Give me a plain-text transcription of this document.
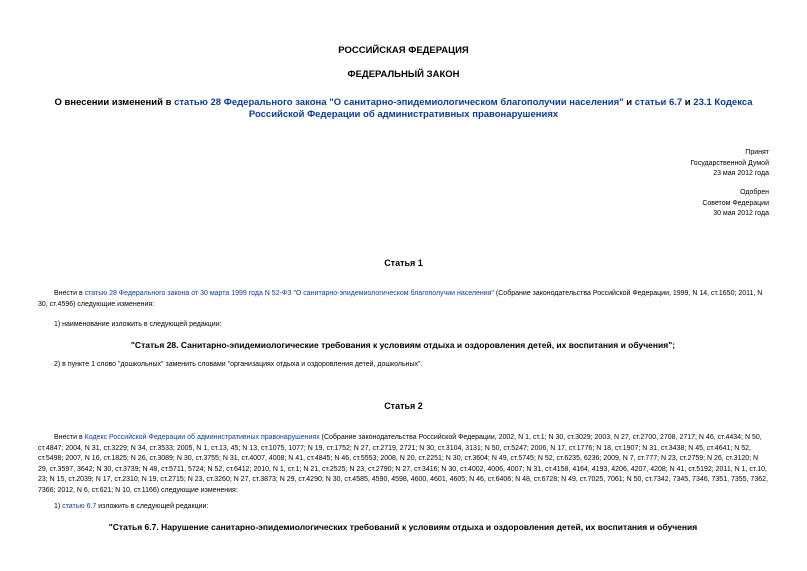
РОССИЙСКАЯ ФЕДЕРАЦИЯ
ФЕДЕРАЛЬНЫЙ ЗАКОН
О внесении изменений в статью 28 Федерального закона "О санитарно-эпидемиологическом благополучии населения" и статьи 6.7 и 23.1 Кодекса Российской Федерации об административных правонарушениях
Принят
Государственной Думой
23 мая 2012 года
Одобрен
Советом Федерации
30 мая 2012 года
Статья 1
Внести в статью 28 Федерального закона от 30 марта 1999 года N 52-ФЗ "О санитарно-эпидемиологическом благополучии населения" (Собрание законодательства Российской Федерации, 1999, N 14, ст.1650; 2011, N 30, ст.4596) следующие изменения:
1) наименование изложить в следующей редакции:
"Статья 28. Санитарно-эпидемиологические требования к условиям отдыха и оздоровления детей, их воспитания и обучения";
2) в пункте 1 слово "дошкольных" заменить словами "организациях отдыха и оздоровления детей, дошкольных".
Статья 2
Внести в Кодекс Российской Федерации об административных правонарушениях (Собрание законодательства Российской Федерации, 2002, N 1, ст.1; N 30, ст.3029; 2003, N 27, ст.2700, 2708, 2717; N 46, ст.4434; N 50, ст.4847; 2004, N 31, ст.3229; N 34, ст.3533; 2005, N 1, ст.13, 45; N 13, ст.1075, 1077; N 19, ст.1752; N 27, ст.2719, 2721; N 30, ст.3104, 3131; N 50, ст.5247; 2006, N 17, ст.1776; N 18, ст.1907; N 31, ст.3438; N 45, ст.4641; N 52, ст.5498; 2007, N 16, ст.1825; N 26, ст.3089; N 30, ст.3755; N 31, ст.4007, 4008; N 41, ст.4845; N 46, ст.5553; 2008, N 20, ст.2251; N 30, ст.3604; N 49, ст.5745; N 52, ст.6235, 6236; 2009, N 7, ст.777; N 23, ст.2759; N 26, ст.3120; N 29, ст.3597, 3642; N 30, ст.3739; N 48, ст.5711, 5724; N 52, ст.6412; 2010, N 1, ст.1; N 21, ст.2525; N 23, ст.2790; N 27, ст.3416; N 30, ст.4002, 4006, 4007; N 31, ст.4158, 4164, 4193, 4206, 4207, 4208; N 41, ст.5192; 2011, N 1, ст.10, 23; N 15, ст.2039; N 17, ст.2310; N 19, ст.2715; N 23, ст.3260; N 27, ст.3873; N 29, ст.4290; N 30, ст.4585, 4590, 4598, 4600, 4601, 4605; N 46, ст.6406; N 48, ст.6728; N 49, ст.7025, 7061; N 50, ст.7342, 7345, 7346, 7351, 7355, 7362, 7366; 2012, N 6, ст.621; N 10, ст.1166) следующие изменения:
1) статью 6.7 изложить в следующей редакции:
"Статья 6.7. Нарушение санитарно-эпидемиологических требований к условиям отдыха и оздоровления детей, их воспитания и обучения
